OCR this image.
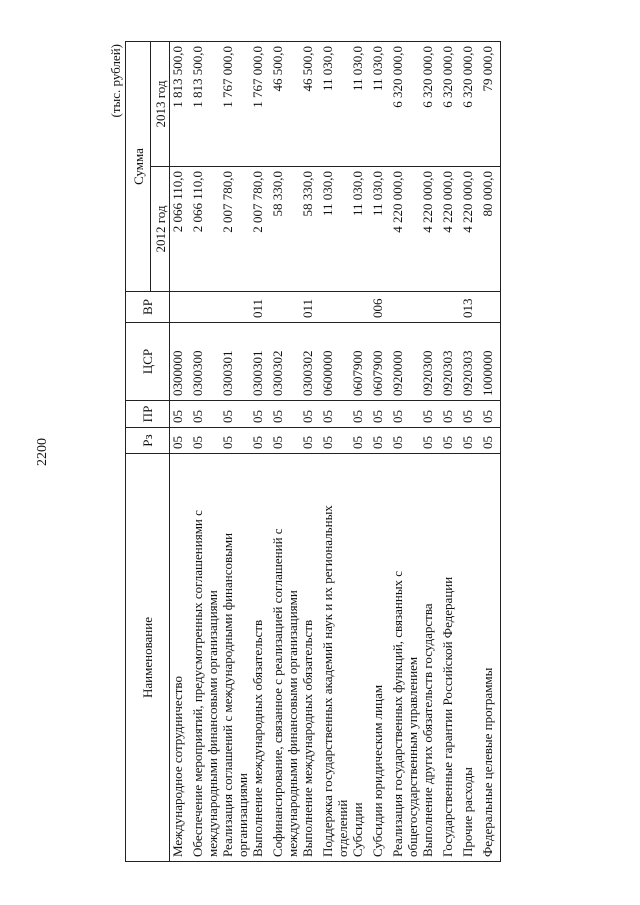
2200
(тыс. рублей)
Наименование	Рз	ПР	ЦСР	ВР	Сумма	
					2012 год	2013 год
Международное сотрудничество	05	05	0300000		2 066 110,0	1 813 500,0
Обеспечение мероприятий, предусмотренных соглашениями с международными финансовыми организациями	05	05	0300300		2 066 110,0	1 813 500,0
Реализация соглашений с международными финансовыми организациями	05	05	0300301		2 007 780,0	1 767 000,0
Выполнение международных обязательств	05	05	0300301	011	2 007 780,0	1 767 000,0
Софинансирование, связанное с реализацией соглашений с международными финансовыми организациями	05	05	0300302		58 330,0	46 500,0
Выполнение международных обязательств	05	05	0300302	011	58 330,0	46 500,0
Поддержка государственных академий наук и их региональных отделений	05	05	0600000		11 030,0	11 030,0
Субсидии	05	05	0607900		11 030,0	11 030,0
Субсидии юридическим лицам	05	05	0607900	006	11 030,0	11 030,0
Реализация государственных функций, связанных с общегосударственным управлением	05	05	0920000		4 220 000,0	6 320 000,0
Выполнение других обязательств государства	05	05	0920300		4 220 000,0	6 320 000,0
Государственные гарантии Российской Федерации	05	05	0920303		4 220 000,0	6 320 000,0
Прочие расходы	05	05	0920303	013	4 220 000,0	6 320 000,0
Федеральные целевые программы	05	05	1000000		80 000,0	79 000,0
